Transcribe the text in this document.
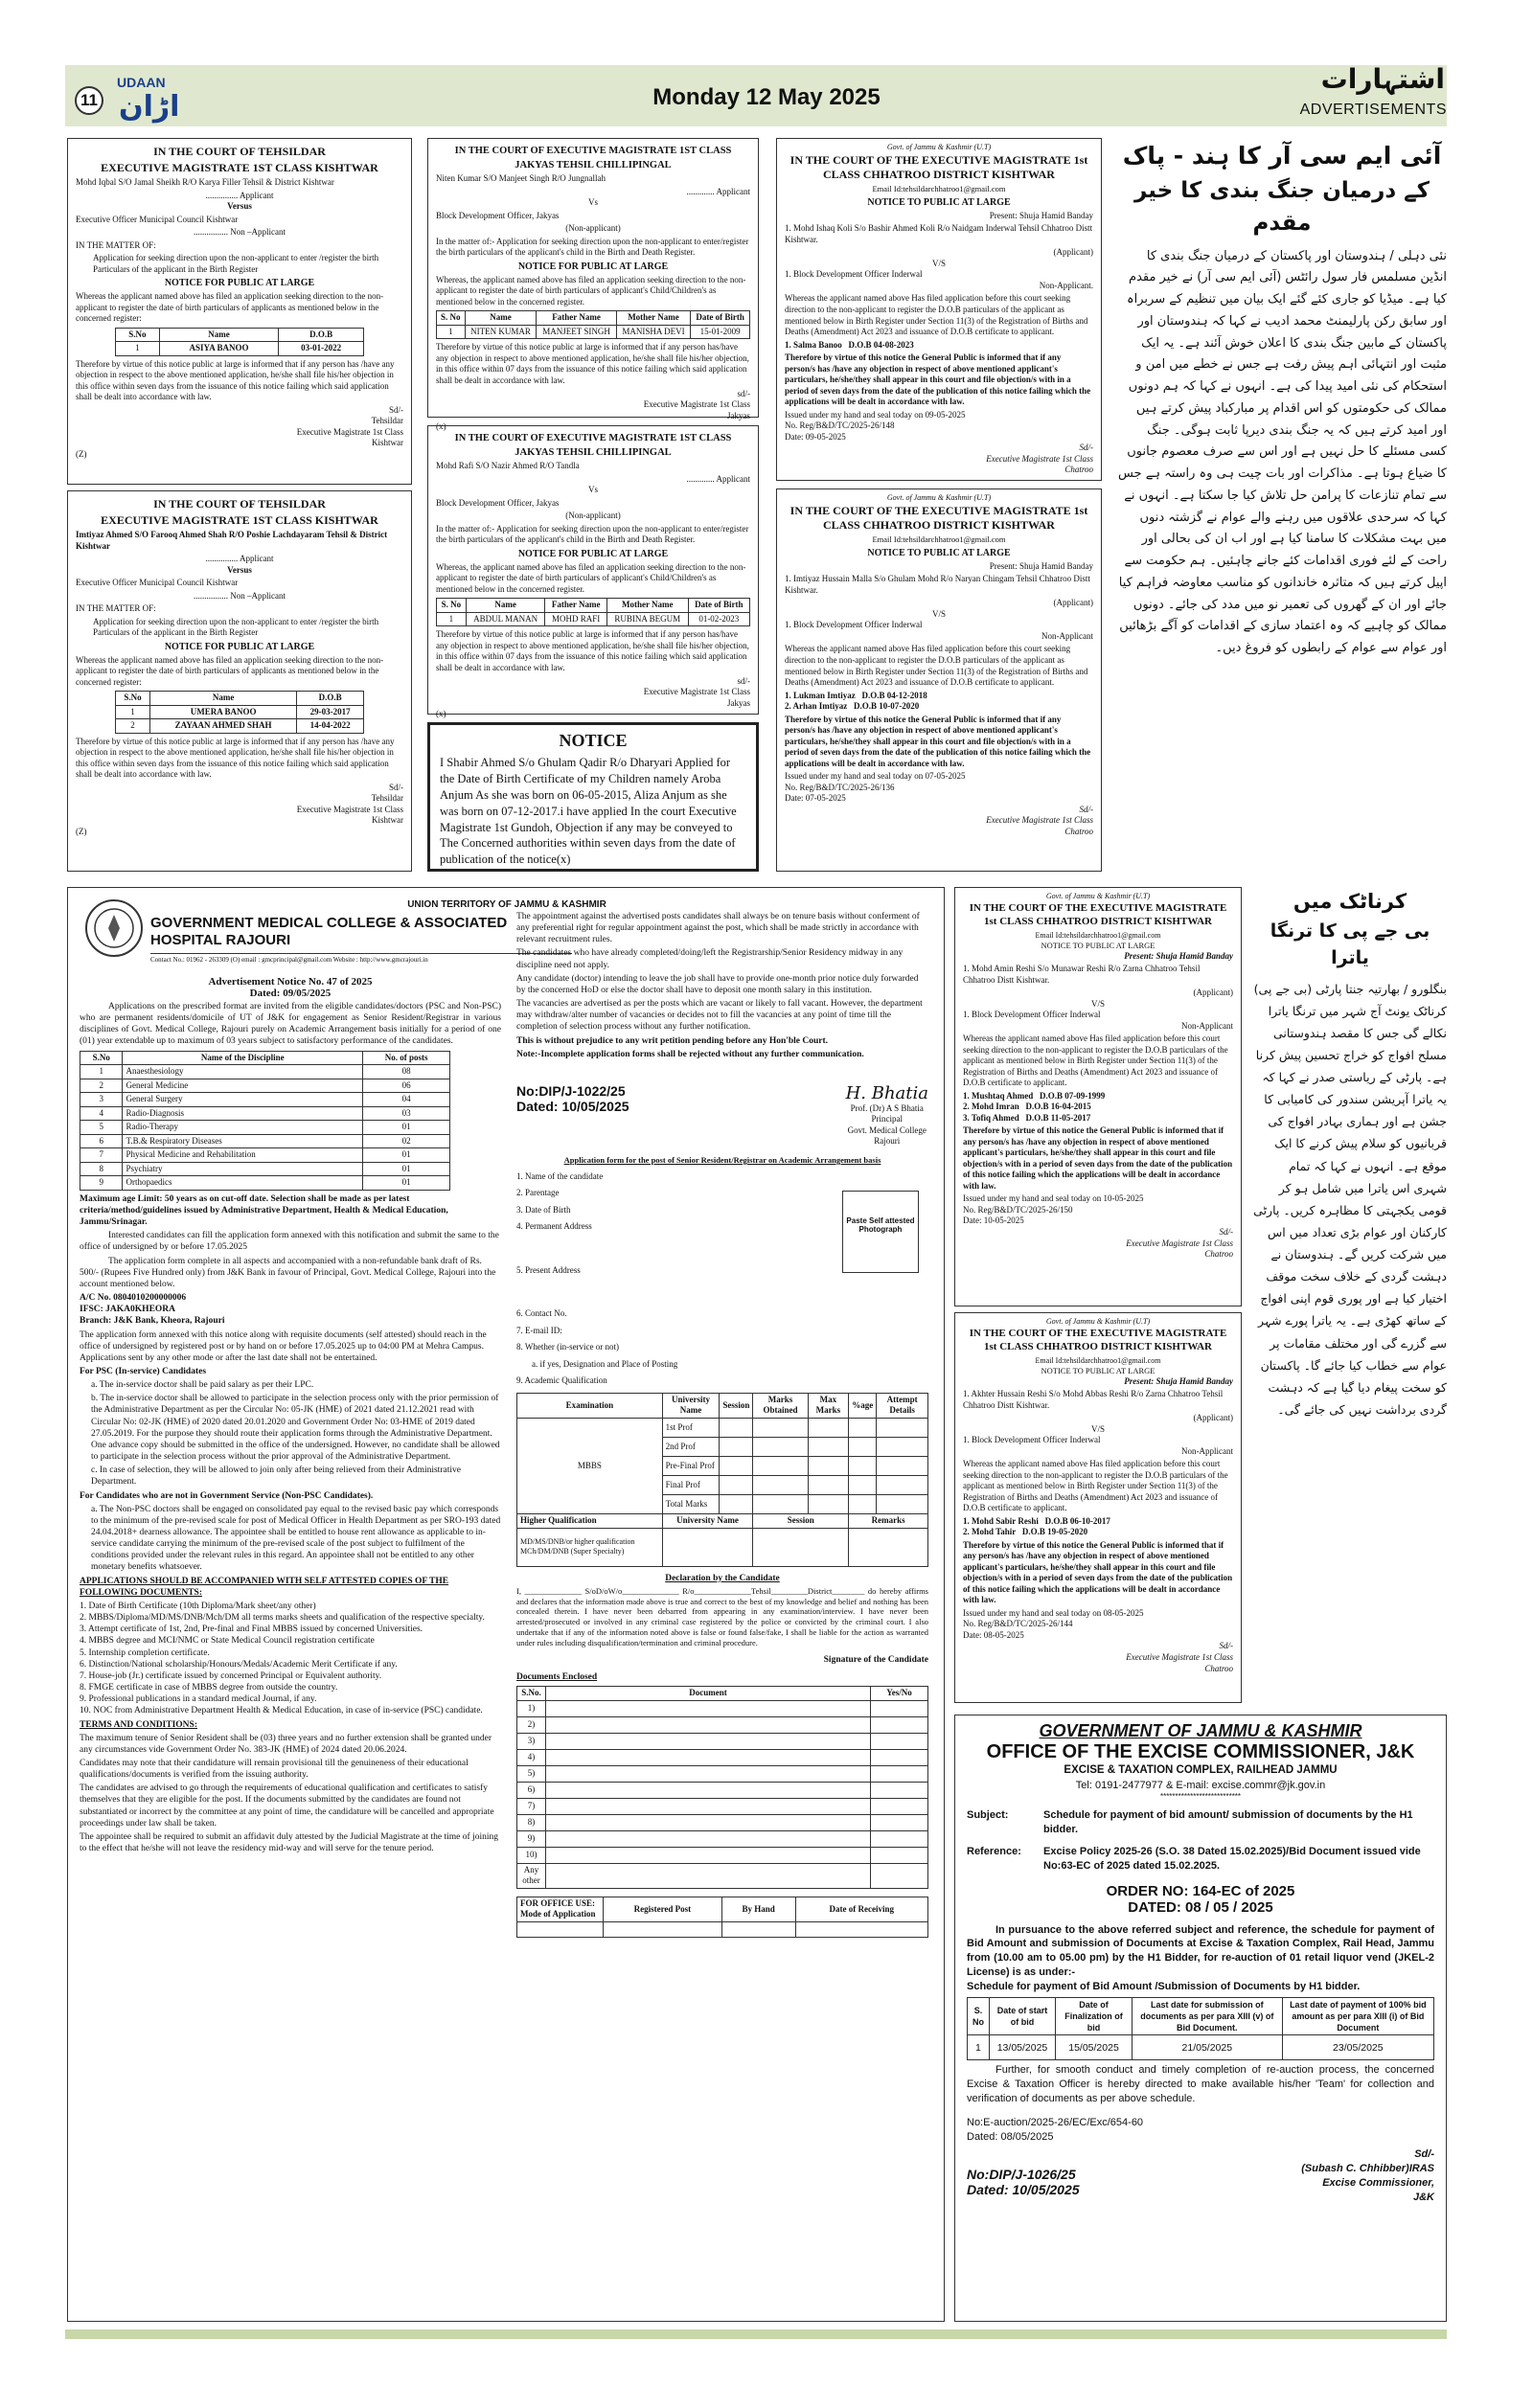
11
UDAAN
اڑان	Monday 12 May 2025
اشتہارات
ADVERTISEMENTS
IN THE COURT OF TEHSILDAR
EXECUTIVE MAGISTRATE 1ST CLASS KISHTWAR
Mohd Iqbal S/O Jamal Sheikh R/O Karya Filler Tehsil & District Kishtwar
............... Applicant
Versus
Executive Officer Municipal Council Kishtwar
................ Non –Applicant
IN THE MATTER OF:
Application for seeking direction upon the non-applicant to enter /register the birth Particulars of the applicant in the Birth Register
NOTICE FOR PUBLIC AT LARGE
Whereas the applicant named above has filed an application seeking direction to the non-applicant to register the date of birth particulars of applicants as mentioned below in the concerned register:
S.No	Name	D.O.B
1	ASIYA BANOO	03-01-2022
Therefore by virtue of this notice public at large is informed that if any person has /have any objection in respect to the above mentioned application, he/she shall file his/her objection in this office within seven days from the issuance of this notice failing which said application shall be dealt into accordance with law.
Sd/-
Tehsildar
Executive Magistrate 1st Class
Kishtwar
(Z)
IN THE COURT OF TEHSILDAR
EXECUTIVE MAGISTRATE 1ST CLASS KISHTWAR
Imtiyaz Ahmed S/O Farooq Ahmed Shah R/O Poshie Lachdayaram Tehsil & District Kishtwar
............... Applicant
Versus
Executive Officer Municipal Council Kishtwar
................ Non –Applicant
IN THE MATTER OF:
Application for seeking direction upon the non-applicant to enter /register the birth Particulars of the applicant in the Birth Register
NOTICE FOR PUBLIC AT LARGE
Whereas the applicant named above has filed an application seeking direction to the non-applicant to register the date of birth particulars of applicants as mentioned below in the concerned register:
S.No	Name	D.O.B
1	UMERA BANOO	29-03-2017
2	ZAYAAN AHMED SHAH	14-04-2022
Therefore by virtue of this notice public at large is informed that if any person has /have any objection in respect to the above mentioned application, he/she shall file his/her objection in this office within seven days from the issuance of this notice failing which said application shall be dealt into accordance with law.
Sd/-
Tehsildar
Executive Magistrate 1st Class
Kishtwar
(Z)
IN THE COURT OF EXECUTIVE MAGISTRATE 1ST CLASS
JAKYAS TEHSIL CHILLIPINGAL
Niten Kumar S/O Manjeet Singh R/O Jungnallah
............. Applicant
Vs
Block Development Officer, Jakyas
(Non-applicant)
In the matter of:- Application for seeking direction upon the non-applicant to enter/register the birth particulars of the applicant's child in the Birth and Death Register.
NOTICE FOR PUBLIC AT LARGE
Whereas, the applicant named above has filed an application seeking direction to the non-applicant to register the date of birth particulars of applicant's Child/Children's as mentioned below in the concerned register.
S. No	Name	Father Name	Mother Name	Date of Birth
1	NITEN KUMAR	MANJEET SINGH	MANISHA DEVI	15-01-2009
Therefore by virtue of this notice public at large is informed that if any person has/have any objection in respect to above mentioned application, he/she shall file his/her objection, in this office within 07 days from the issuance of this notice failing which said application shall be dealt in accordance with law.
sd/-
Executive Magistrate 1st Class
Jakyas
(x)
IN THE COURT OF EXECUTIVE MAGISTRATE 1ST CLASS
JAKYAS TEHSIL CHILLIPINGAL
Mohd Rafi S/O Nazir Ahmed R/O Tandla
............. Applicant
Vs
Block Development Officer, Jakyas
(Non-applicant)
In the matter of:- Application for seeking direction upon the non-applicant to enter/register the birth particulars of the applicant's child in the Birth and Death Register.
NOTICE FOR PUBLIC AT LARGE
Whereas, the applicant named above has filed an application seeking direction to the non-applicant to register the date of birth particulars of applicant's Child/Children's as mentioned below in the concerned register.
S. No	Name	Father Name	Mother Name	Date of Birth
1	ABDUL MANAN	MOHD RAFI	RUBINA BEGUM	01-02-2023
Therefore by virtue of this notice public at large is informed that if any person has/have any objection in respect to above mentioned application, he/she shall file his/her objection, in this office within 07 days from the issuance of this notice failing which said application shall be dealt in accordance with law.
sd/-
Executive Magistrate 1st Class
Jakyas
(x)
NOTICE
I Shabir Ahmed S/o Ghulam Qadir R/o Dharyari Applied for the Date of Birth Certificate of my Children namely Aroba Anjum As she was born on 06-05-2015, Aliza Anjum as she was born on 07-12-2017.i have applied In the court Executive Magistrate 1st Gundoh, Objection if any may be conveyed to The Concerned authorities within seven days from the date of publication of the notice(x)
Govt. of Jammu & Kashmir (U.T)
IN THE COURT OF THE EXECUTIVE MAGISTRATE 1st CLASS CHHATROO DISTRICT KISHTWAR
Email Id:tehsildarchhatroo1@gmail.com
NOTICE TO PUBLIC AT LARGE
Present: Shuja Hamid Banday
1. Mohd Ishaq Koli S/o Bashir Ahmed Koli R/o Naidgam Inderwal Tehsil Chhatroo Distt Kishtwar.
(Applicant)
V/S
1. Block Development Officer Inderwal
Non-Applicant.
Whereas the applicant named above Has filed application before this court seeking direction to the non-applicant to register the D.O.B particulars of the applicant as mentioned below in Birth Register under Section 11(3) of the Registration of Births and Deaths (Amendment) Act 2023 and issuance of D.O.B certificate to applicant.
1. Salma Banoo D.O.B 04-08-2023
Therefore by virtue of this notice the General Public is informed that if any person/s has /have any objection in respect of above mentioned applicant's particulars, he/she/they shall appear in this court and file objection/s with in a period of seven days from the date of the publication of this notice failing which the applications will be dealt in accordance with law.
Issued under my hand and seal today on 09-05-2025
No. Reg/B&D/TC/2025-26/148
Date: 09-05-2025
Sd/-
Executive Magistrate 1st Class
Chatroo
Govt. of Jammu & Kashmir (U.T)
IN THE COURT OF THE EXECUTIVE MAGISTRATE 1st CLASS CHHATROO DISTRICT KISHTWAR
Email Id:tehsildarchhatroo1@gmail.com
NOTICE TO PUBLIC AT LARGE
Present: Shuja Hamid Banday
1. Imtiyaz Hussain Malla S/o Ghulam Mohd R/o Naryan Chingam Tehsil Chhatroo Distt Kishtwar.
(Applicant)
V/S
1. Block Development Officer Inderwal
Non-Applicant
Whereas the applicant named above Has filed application before this court seeking direction to the non-applicant to register the D.O.B particulars of the applicant as mentioned below in Birth Register under Section 11(3) of the Registration of Births and Deaths (Amendment) Act 2023 and issuance of D.O.B certificate to applicant.
1. Lukman Imtiyaz D.O.B 04-12-2018
2. Arhan Imtiyaz D.O.B 10-07-2020
Therefore by virtue of this notice the General Public is informed that if any person/s has /have any objection in respect of above mentioned applicant's particulars, he/she/they shall appear in this court and file objection/s with in a period of seven days from the date of the publication of this notice failing which the applications will be dealt in accordance with law.
Issued under my hand and seal today on 07-05-2025
No. Reg/B&D/TC/2025-26/136
Date: 07-05-2025
Sd/-
Executive Magistrate 1st Class
Chatroo
آئی ایم سی آر کا ہند - پاک
کے درمیان جنگ بندی کا خیر مقدم
نئی دہلی / ہندوستان اور پاکستان کے درمیان جنگ بندی کا انڈین مسلمس فار سول رائٹس (آئی ایم سی آر) نے خیر مقدم کیا ہے۔ میڈیا کو جاری کئے گئے ایک بیان میں تنظیم کے سربراہ اور سابق رکن پارلیمنٹ محمد ادیب نے کہا کہ ہندوستان اور پاکستان کے مابین جنگ بندی کا اعلان خوش آئند ہے۔ یہ ایک مثبت اور انتہائی اہم پیش رفت ہے جس نے خطے میں امن و استحکام کی نئی امید پیدا کی ہے۔ انہوں نے کہا کہ ہم دونوں ممالک کی حکومتوں کو اس اقدام پر مبارکباد پیش کرتے ہیں اور امید کرتے ہیں کہ یہ جنگ بندی دیرپا ثابت ہوگی۔ جنگ کسی مسئلے کا حل نہیں ہے اور اس سے صرف معصوم جانوں کا ضیاع ہوتا ہے۔ مذاکرات اور بات چیت ہی وہ راستہ ہے جس سے تمام تنازعات کا پرامن حل تلاش کیا جا سکتا ہے۔ انہوں نے کہا کہ سرحدی علاقوں میں رہنے والے عوام نے گزشتہ دنوں میں بہت مشکلات کا سامنا کیا ہے اور اب ان کی بحالی اور راحت کے لئے فوری اقدامات کئے جانے چاہئیں۔ ہم حکومت سے اپیل کرتے ہیں کہ متاثرہ خاندانوں کو مناسب معاوضہ فراہم کیا جائے اور ان کے گھروں کی تعمیر نو میں مدد کی جائے۔ دونوں ممالک کو چاہیے کہ وہ اعتماد سازی کے اقدامات کو آگے بڑھائیں اور عوام سے عوام کے رابطوں کو فروغ دیں۔
UNION TERRITORY OF JAMMU & KASHMIR
GOVERNMENT MEDICAL COLLEGE & ASSOCIATED HOSPITAL RAJOURI
Contact No.: 01962 - 263309 (O) email : gmcprincipal@gmail.com Website : http://www.gmcrajouri.in
Advertisement Notice No. 47 of 2025
Dated: 09/05/2025
Applications on the prescribed format are invited from the eligible candidates/doctors (PSC and Non-PSC) who are permanent residents/domicile of UT of J&K for engagement as Senior Resident/Registrar in various disciplines of Govt. Medical College, Rajouri purely on Academic Arrangement basis initially for a period of one (01) year extendable up to maximum of 03 years subject to satisfactory performance of the candidates.
S.No	Name of the Discipline	No. of posts
1	Anaesthesiology	08
2	General Medicine	06
3	General Surgery	04
4	Radio-Diagnosis	03
5	Radio-Therapy	01
6	T.B.& Respiratory Diseases	02
7	Physical Medicine and Rehabilitation	01
8	Psychiatry	01
9	Orthopaedics	01
Maximum age Limit: 50 years as on cut-off date. Selection shall be made as per latest criteria/method/guidelines issued by Administrative Department, Health & Medical Education, Jammu/Srinagar.
Interested candidates can fill the application form annexed with this notification and submit the same to the office of undersigned by or before 17.05.2025
The application form complete in all aspects and accompanied with a non-refundable bank draft of Rs. 500/- (Rupees Five Hundred only) from J&K Bank in favour of Principal, Govt. Medical College, Rajouri into the account mentioned below.
A/C No. 0804010200000006
IFSC: JAKA0KHEORA
Branch: J&K Bank, Kheora, Rajouri
The application form annexed with this notice along with requisite documents (self attested) should reach in the office of undersigned by registered post or by hand on or before 17.05.2025 up to 04:00 PM at Mehra Campus. Applications sent by any other mode or after the last date shall not be entertained.
For PSC (In-service) Candidates
a. The in-service doctor shall be paid salary as per their LPC.
b. The in-service doctor shall be allowed to participate in the selection process only with the prior permission of the Administrative Department as per the Circular No: 05-JK (HME) of 2021 dated 21.12.2021 read with Circular No: 02-JK (HME) of 2020 dated 20.01.2020 and Government Order No: 03-HME of 2019 dated 27.05.2019. For the purpose they should route their application forms through the Administrative Department. One advance copy should be submitted in the office of the undersigned. However, no candidate shall be allowed to participate in the selection process without the prior approval of the Administrative Department.
c. In case of selection, they will be allowed to join only after being relieved from their Administrative Department.
For Candidates who are not in Government Service (Non-PSC Candidates).
a. The Non-PSC doctors shall be engaged on consolidated pay equal to the revised basic pay which corresponds to the minimum of the pre-revised scale for post of Medical Officer in Health Department as per SRO-193 dated 24.04.2018+ dearness allowance. The appointee shall be entitled to house rent allowance as applicable to in-service candidate carrying the minimum of the pre-revised scale of the post subject to fulfilment of the conditions provided under the relevant rules in this regard. An appointee shall not be entitled to any other monetary benefits whatsoever.
APPLICATIONS SHOULD BE ACCOMPANIED WITH SELF ATTESTED COPIES OF THE FOLLOWING DOCUMENTS:
1. Date of Birth Certificate (10th Diploma/Mark sheet/any other)
2. MBBS/Diploma/MD/MS/DNB/Mch/DM all terms marks sheets and qualification of the respective specialty.
3. Attempt certificate of 1st, 2nd, Pre-final and Final MBBS issued by concerned Universities.
4. MBBS degree and MCI/NMC or State Medical Council registration certificate
5. Internship completion certificate.
6. Distinction/National scholarship/Honours/Medals/Academic Merit Certificate if any.
7. House-job (Jr.) certificate issued by concerned Principal or Equivalent authority.
8. FMGE certificate in case of MBBS degree from outside the country.
9. Professional publications in a standard medical Journal, if any.
10. NOC from Administrative Department Health & Medical Education, in case of in-service (PSC) candidate.
TERMS AND CONDITIONS:
The maximum tenure of Senior Resident shall be (03) three years and no further extension shall be granted under any circumstances vide Government Order No. 383-JK (HME) of 2024 dated 20.06.2024.
Candidates may note that their candidature will remain provisional till the genuineness of their educational qualifications/documents is verified from the issuing authority.
The candidates are advised to go through the requirements of educational qualification and certificates to satisfy themselves that they are eligible for the post. If the documents submitted by the candidates are found not substantiated or incorrect by the committee at any point of time, the candidature will be cancelled and appropriate proceedings under law shall be taken.
The appointee shall be required to submit an affidavit duly attested by the Judicial Magistrate at the time of joining to the effect that he/she will not leave the residency mid-way and will serve for the tenure period.
The appointment against the advertised posts candidates shall always be on tenure basis without conferment of any preferential right for regular appointment against the post, which shall be made strictly in accordance with relevant recruitment rules.
The candidates who have already completed/doing/left the Registrarship/Senior Residency midway in any discipline need not apply.
Any candidate (doctor) intending to leave the job shall have to provide one-month prior notice duly forwarded by the concerned HoD or else the doctor shall have to deposit one month salary in this institution.
The vacancies are advertised as per the posts which are vacant or likely to fall vacant. However, the department may withdraw/alter number of vacancies or decides not to fill the vacancies at any point of time till the completion of selection process without any further notification.
This is without prejudice to any writ petition pending before any Hon'ble Court.
Note:-Incomplete application forms shall be rejected without any further communication.
No:DIP/J-1022/25
Dated: 10/05/2025
H. Bhatia
Prof. (Dr) A S Bhatia
Principal
Govt. Medical College
Rajouri
Application form for the post of Senior Resident/Registrar on Academic Arrangement basis
Paste Self attested Photograph
1. Name of the candidate
2. Parentage
3. Date of Birth
4. Permanent Address
5. Present Address
6. Contact No.
7. E-mail ID:
8. Whether (in-service or not)
a. if yes, Designation and Place of Posting
9. Academic Qualification
Examination	University Name	Session	Marks Obtained	Max Marks	%age	Attempt Details
MBBS	1st Prof					
	2nd Prof					
	Pre-Final Prof					
	Final Prof					
	Total Marks					
Higher Qualification	University Name		Session		Remarks	
MD/MS/DNB/or higher qualification MCh/DM/DNB (Super Specialty)						
Declaration by the Candidate
I, ______________ S/oD/oW/o______________ R/o______________Tehsil_________District________ do hereby affirms and declares that the information made above is true and correct to the best of my knowledge and belief and nothing has been concealed therein. I have never been debarred from appearing in any examination/interview. I have never been arrested/prosecuted or involved in any criminal case registered by the police or convicted by the criminal court. I also undertake that if any of the information noted above is false or found false/fake, I shall be liable for the action as warranted under rules including disqualification/termination and criminal procedure.
Signature of the Candidate
Documents Enclosed
S.No.	Document	Yes/No
1)		
2)		
3)		
4)		
5)		
6)		
7)		
8)		
9)		
10)		
Any other		
FOR OFFICE USE: Mode of Application	Registered Post	By Hand	Date of Receiving

Govt. of Jammu & Kashmir (U.T)
IN THE COURT OF THE EXECUTIVE MAGISTRATE 1st CLASS CHHATROO DISTRICT KISHTWAR
Email Id:tehsildarchhatroo1@gmail.com
NOTICE TO PUBLIC AT LARGE
Present: Shuja Hamid Banday
1. Mohd Amin Reshi S/o Munawar Reshi R/o Zarna Chhatroo Tehsil Chhatroo Distt Kishtwar.
(Applicant)
V/S
1. Block Development Officer Inderwal
Non-Applicant
Whereas the applicant named above Has filed application before this court seeking direction to the non-applicant to register the D.O.B particulars of the applicant as mentioned below in Birth Register under Section 11(3) of the Registration of Births and Deaths (Amendment) Act 2023 and issuance of D.O.B certificate to applicant.
1. Mushtaq Ahmed D.O.B 07-09-1999
2. Mohd Imran D.O.B 16-04-2015
3. Tofiq Ahmed D.O.B 11-05-2017
Therefore by virtue of this notice the General Public is informed that if any person/s has /have any objection in respect of above mentioned applicant's particulars, he/she/they shall appear in this court and file objection/s with in a period of seven days from the date of the publication of this notice failing which the applications will be dealt in accordance with law.
Issued under my hand and seal today on 10-05-2025
No. Reg/B&D/TC/2025-26/150
Date: 10-05-2025
Sd/-
Executive Magistrate 1st Class
Chatroo
Govt. of Jammu & Kashmir (U.T)
IN THE COURT OF THE EXECUTIVE MAGISTRATE 1st CLASS CHHATROO DISTRICT KISHTWAR
Email Id:tehsildarchhatroo1@gmail.com
NOTICE TO PUBLIC AT LARGE
Present: Shuja Hamid Banday
1. Akhter Hussain Reshi S/o Mohd Abbas Reshi R/o Zarna Chhatroo Tehsil Chhatroo Distt Kishtwar.
(Applicant)
V/S
1. Block Development Officer Inderwal
Non-Applicant
Whereas the applicant named above Has filed application before this court seeking direction to the non-applicant to register the D.O.B particulars of the applicant as mentioned below in Birth Register under Section 11(3) of the Registration of Births and Deaths (Amendment) Act 2023 and issuance of D.O.B certificate to applicant.
1. Mohd Sabir Reshi D.O.B 06-10-2017
2. Mohd Tahir D.O.B 19-05-2020
Therefore by virtue of this notice the General Public is informed that if any person/s has /have any objection in respect of above mentioned applicant's particulars, he/she/they shall appear in this court and file objection/s with in a period of seven days from the date of the publication of this notice failing which the applications will be dealt in accordance with law.
Issued under my hand and seal today on 08-05-2025
No. Reg/B&D/TC/2025-26/144
Date: 08-05-2025
Sd/-
Executive Magistrate 1st Class
Chatroo
کرناٹک میں
بی جے پی کا ترنگا یاترا
بنگلورو / بھارتیہ جنتا پارٹی (بی جے پی) کرناٹک یونٹ آج شہر میں ترنگا یاترا نکالے گی جس کا مقصد ہندوستانی مسلح افواج کو خراج تحسین پیش کرنا ہے۔ پارٹی کے ریاستی صدر نے کہا کہ یہ یاترا آپریشن سندور کی کامیابی کا جشن ہے اور ہماری بہادر افواج کی قربانیوں کو سلام پیش کرنے کا ایک موقع ہے۔ انہوں نے کہا کہ تمام شہری اس یاترا میں شامل ہو کر قومی یکجہتی کا مظاہرہ کریں۔ پارٹی کارکنان اور عوام بڑی تعداد میں اس میں شرکت کریں گے۔ ہندوستان نے دہشت گردی کے خلاف سخت موقف اختیار کیا ہے اور پوری قوم اپنی افواج کے ساتھ کھڑی ہے۔ یہ یاترا پورے شہر سے گزرے گی اور مختلف مقامات پر عوام سے خطاب کیا جائے گا۔ پاکستان کو سخت پیغام دیا گیا ہے کہ دہشت گردی برداشت نہیں کی جائے گی۔
GOVERNMENT OF JAMMU & KASHMIR
OFFICE OF THE EXCISE COMMISSIONER, J&K
EXCISE & TAXATION COMPLEX, RAILHEAD JAMMU
Tel: 0191-2477977 & E-mail: excise.commr@jk.gov.in
***************************
Subject:	Schedule for payment of bid amount/ submission of documents by the H1 bidder.
Reference:	Excise Policy 2025-26 (S.O. 38 Dated 15.02.2025)/Bid Document issued vide No:63-EC of 2025 dated 15.02.2025.
ORDER NO: 164-EC of 2025
DATED: 08 / 05 / 2025
In pursuance to the above referred subject and reference, the schedule for payment of Bid Amount and submission of Documents at Excise & Taxation Complex, Rail Head, Jammu from (10.00 am to 05.00 pm) by the H1 Bidder, for re-auction of 01 retail liquor vend (JKEL-2 License) is as under:-
Schedule for payment of Bid Amount /Submission of Documents by H1 bidder.
S. No	Date of start of bid	Date of Finalization of bid	Last date for submission of documents as per para XIII (v) of Bid Document.	Last date of payment of 100% bid amount as per para XIII (i) of Bid Document
1	13/05/2025	15/05/2025	21/05/2025	23/05/2025
Further, for smooth conduct and timely completion of re-auction process, the concerned Excise & Taxation Officer is hereby directed to make available his/her 'Team' for collection and verification of documents as per above schedule.
No:E-auction/2025-26/EC/Exc/654-60
Dated: 08/05/2025
No:DIP/J-1026/25
Dated: 10/05/2025
Sd/-
(Subash C. Chhibber)IRAS
Excise Commissioner,
J&K
